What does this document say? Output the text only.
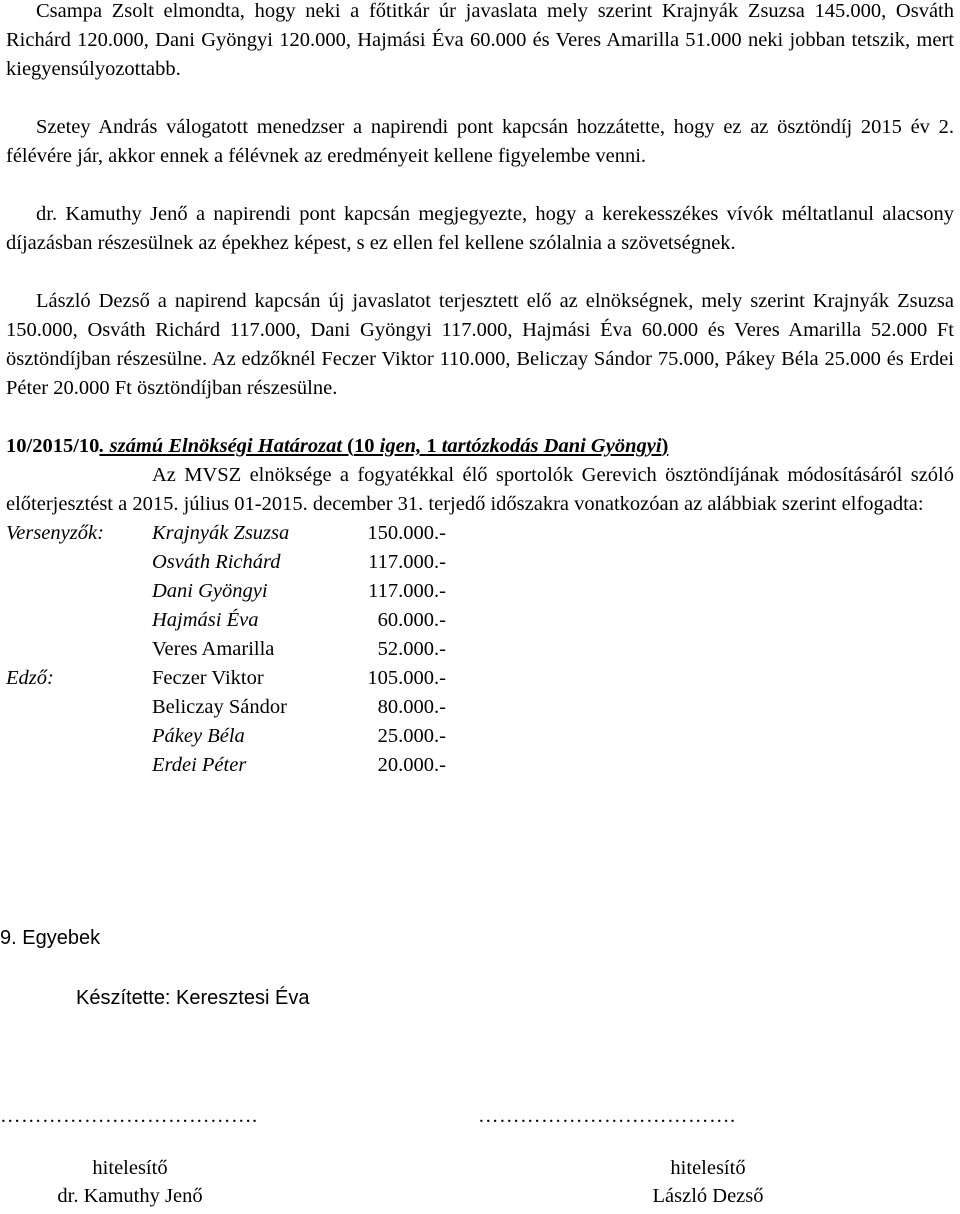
Csampa Zsolt elmondta, hogy neki a főtitkár úr javaslata mely szerint Krajnyák Zsuzsa 145.000, Osváth Richárd 120.000, Dani Gyöngyi 120.000, Hajmási Éva 60.000 és Veres Amarilla 51.000 neki jobban tetszik, mert kiegyensúlyozottabb.

Szetey András válogatott menedzser a napirendi pont kapcsán hozzátette, hogy ez az ösztöndíj 2015 év 2. félévére jár, akkor ennek a félévnek az eredményeit kellene figyelembe venni.

dr. Kamuthy Jenő a napirendi pont kapcsán megjegyezte, hogy a kerekesszékes vívók méltatlanul alacsony díjazásban részesülnek az épekhez képest, s ez ellen fel kellene szólalnia a szövetségnek.

László Dezső a napirend kapcsán új javaslatot terjesztett elő az elnökségnek, mely szerint Krajnyák Zsuzsa 150.000, Osváth Richárd 117.000, Dani Gyöngyi 117.000, Hajmási Éva 60.000 és Veres Amarilla 52.000 Ft ösztöndíjban részesülne. Az edzőknél Feczer Viktor 110.000, Beliczay Sándor 75.000, Pákey Béla 25.000 és Erdei Péter 20.000 Ft ösztöndíjban részesülne.

10/2015/10. számú Elnökségi Határozat (10 igen, 1 tartózkodás Dani Gyöngyi)

Az MVSZ elnöksége a fogyatékkal élő sportolók Gerevich ösztöndíjának módosításáról szóló előterjesztést a 2015. július 01-2015. december 31. terjedő időszakra vonatkozóan az alábbiak szerint elfogadta:

Versenyzők: Krajnyák Zsuzsa	150.000.-
Osváth Richárd	117.000.-
Dani Gyöngyi	117.000.-
Hajmási Éva	60.000.-
Veres Amarilla	52.000.-
Edző:	Feczer Viktor	105.000.-
Beliczay Sándor	80.000.-
Pákey Béla	25.000.-
Erdei Péter	20.000.-
9. Egyebek
Készítette: Keresztesi Éva
……………………………….
hitelesítő
dr. Kamuthy Jenő
……………………………….
hitelesítő
László Dezső
